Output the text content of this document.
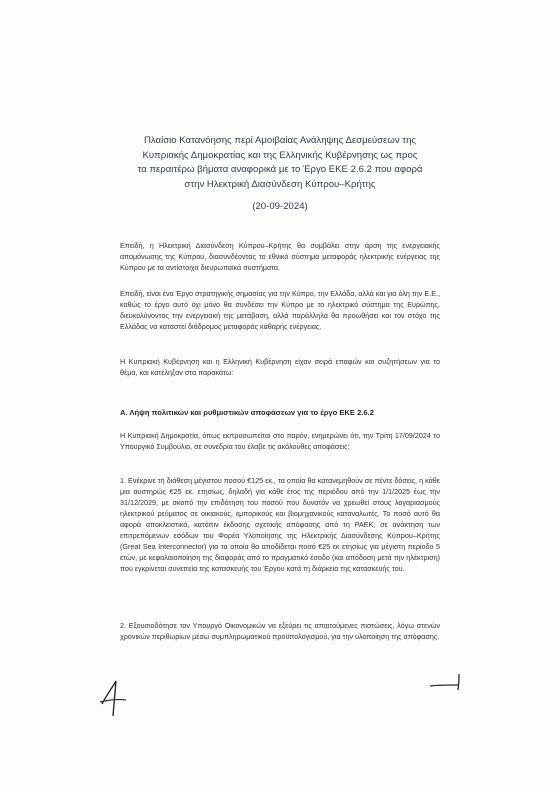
Πλαίσιο Κατανόησης περί Αμοιβαίας Ανάληψης Δεσμεύσεων της
Κυπριακής Δημοκρατίας και της Ελληνικής Κυβέρνησης ως προς
τα περαιτέρω βήματα αναφορικά με το Έργο ΕΚΕ 2.6.2 που αφορά
στην Ηλεκτρική Διασύνδεση Κύπρου–Κρήτης
(20-09-2024)
Επειδή, η Ηλεκτρική Διασύνδεση Κύπρου–Κρήτης θα συμβάλει στην άρση της ενεργειακής απομόνωσης της Κύπρου, διασυνδέοντας το εθνικό σύστημα μεταφοράς ηλεκτρικής ενέργειας της Κύπρου με τα αντίστοιχα διευρωπαϊκά συστήματα.
Επειδή, είναι ένα Έργο στρατηγικής σημασίας για την Κύπρο, την Ελλάδα, αλλά και για όλη την Ε.Ε., καθώς το έργο αυτό όχι μόνο θα συνδέσει την Κύπρο με το ηλεκτρικό σύστημα της Ευρώπης, διευκολύνοντας την ενεργειακή της μετάβαση, αλλά παράλληλα θα προωθήσει και τον στόχο της Ελλάδας να καταστεί διάδρομος μεταφοράς καθαρής ενέργειας.
Η Κυπριακή Κυβέρνηση και η Ελληνική Κυβέρνηση είχαν σειρά επαφών και συζητήσεων για το θέμα, και κατέληξαν στα παρακάτω:
Α. Λήψη πολιτικών και ρυθμιστικών αποφάσεων για το έργο ΕΚΕ 2.6.2
Η Κυπριακή Δημοκρατία, όπως εκπροσωπείται στο παρόν, ενημερώνει ότι, την Τρίτη 17/09/2024 το Υπουργικό Συμβούλιο, σε συνεδρία του έλαβε τις ακόλουθες αποφάσεις:
1. Ενέκρινε τη διάθεση μέγιστου ποσού €125 εκ., τα οποία θα κατανεμηθούν σε πέντε δόσεις, η κάθε μια αυστηρώς €25 εκ. ετησίως, δηλαδή για κάθε έτος της περιόδου από την 1/1/2025 έως την 31/12/2029, με σκοπό την επιδότηση του ποσού που δυνατόν να χρεωθεί στους λογαριασμούς ηλεκτρικού ρεύματος σε οικιακούς, εμπορικούς και βιομηχανικούς καταναλωτές. Το ποσό αυτό θα αφορά αποκλειστικά, κατόπιν έκδοσης σχετικής απόφασης από τη ΡΑΕΚ, σε ανάκτηση των επιτρεπόμενων εσόδων του Φορέα Υλοποίησης της Ηλεκτρικής Διασύνδεσης Κύπρου–Κρήτης (Great Sea Interconnector) για τα οποία θα αποδίδεται ποσό €25 εκ ετησίως για μέγιστη περίοδο 5 ετών, με κεφαλαιοποίηση της διαφοράς από το πραγματικό έσοδο (και απόδοση μετά την ηλέκτριση) που εγκρίνεται συνεπεία της κατασκευής του Έργου κατά τη διάρκεια της κατασκευής του.
2. Εξουσιοδότησε τον Υπουργό Οικονομικών να εξεύρει τις απαιτούμενες πιστώσεις, λόγω στενών χρονικών περιθωρίων μέσω συμπληρωματικού προϋπολογισμού, για την υλοποίηση της απόφασης.
